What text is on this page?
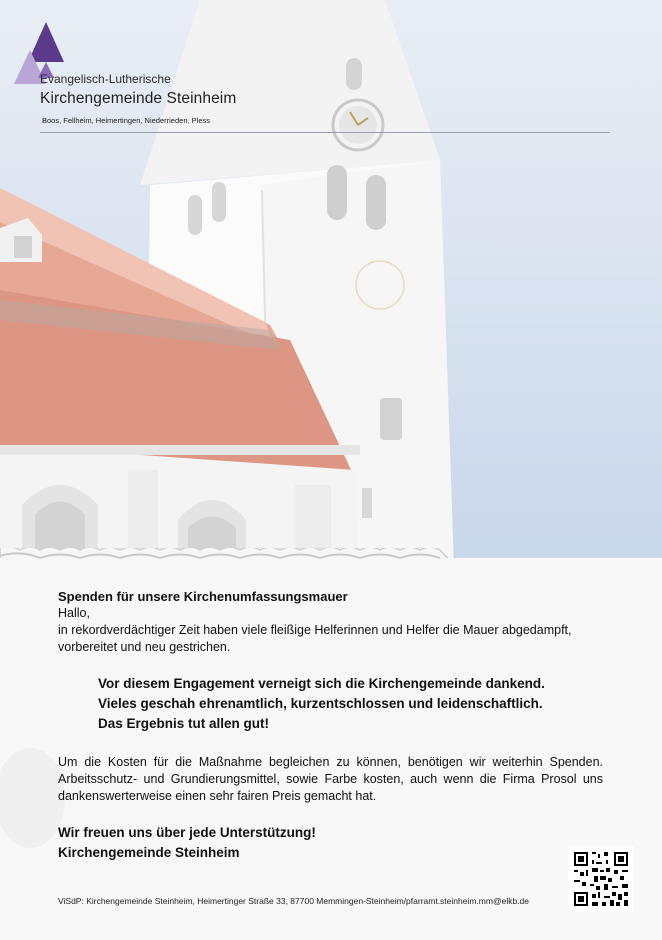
Evangelisch-Lutherische
Kirchengemeinde Steinheim
Boos, Fellheim, Heimertingen, Niederrieden, Pless
Spenden für unsere Kirchenumfassungsmauer
Hallo,
in rekordverdächtiger Zeit haben viele fleißige Helferinnen und Helfer die Mauer abgedampft, vorbereitet und neu gestrichen.
Vor diesem Engagement verneigt sich die Kirchengemeinde dankend.
Vieles geschah ehrenamtlich, kurzentschlossen und leidenschaftlich.
Das Ergebnis tut allen gut!
Um die Kosten für die Maßnahme begleichen zu können, benötigen wir weiterhin Spenden. Arbeitsschutz- und Grundierungsmittel, sowie Farbe kosten, auch wenn die Firma Prosol uns dankenswerterweise einen sehr fairen Preis gemacht hat.
Wir freuen uns über jede Unterstützung!
Kirchengemeinde Steinheim
ViSdP: Kirchengemeinde Steinheim, Heimertinger Straße 33, 87700 Memmingen-Steinheim/pfarramt.steinheim.mm@elkb.de
